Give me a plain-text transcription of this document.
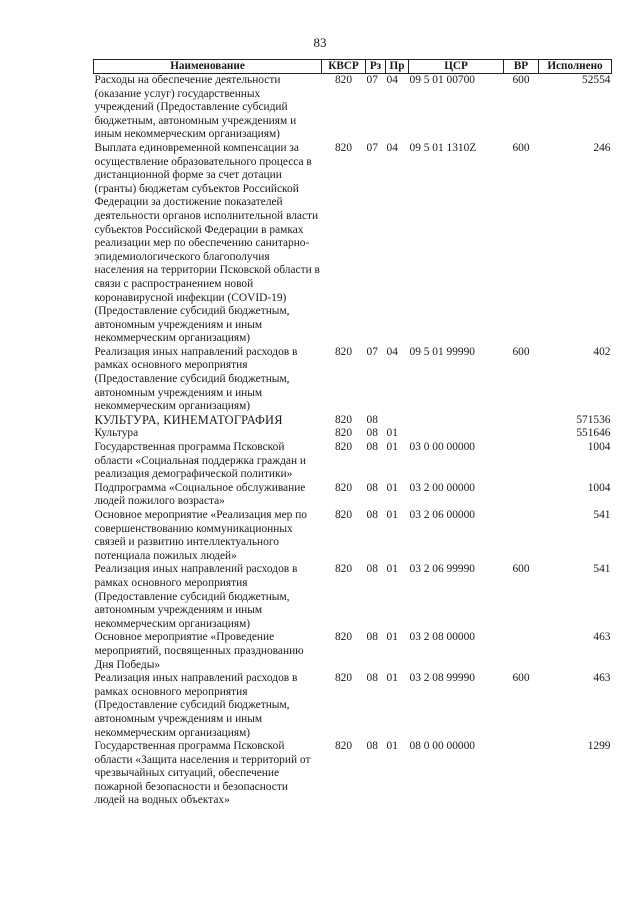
83
Наименование	КВСР	Рз	Пр	ЦСР	ВР	Исполнено
Расходы на обеспечение деятельности (оказание услуг) государственных учреждений (Предоставление субсидий бюджетным, автономным учреждениям и иным некоммерческим организациям)	820	07	04	09 5 01 00700	600	52554
Выплата единовременной компенсации за осуществление образовательного процесса в дистанционной форме за счет дотации (гранты) бюджетам субъектов Российской Федерации за достижение показателей деятельности органов исполнительной власти субъектов Российской Федерации в рамках реализации мер по обеспечению санитарно-эпидемиологического благополучия населения на территории Псковской области в связи с распространением новой коронавирусной инфекции (COVID-19) (Предоставление субсидий бюджетным, автономным учреждениям и иным некоммерческим организациям)	820	07	04	09 5 01 1310Z	600	246
Реализация иных направлений расходов в рамках основного мероприятия (Предоставление субсидий бюджетным, автономным учреждениям и иным некоммерческим организациям)	820	07	04	09 5 01 99990	600	402
КУЛЬТУРА, КИНЕМАТОГРАФИЯ	820	08				571536
Культура	820	08	01			551646
Государственная программа Псковской области «Социальная поддержка граждан и реализация демографической политики»	820	08	01	03 0 00 00000		1004
Подпрограмма «Социальное обслуживание людей пожилого возраста»	820	08	01	03 2 00 00000		1004
Основное мероприятие «Реализация мер по совершенствованию коммуникационных связей и развитию интеллектуального потенциала пожилых людей»	820	08	01	03 2 06 00000		541
Реализация иных направлений расходов в рамках основного мероприятия (Предоставление субсидий бюджетным, автономным учреждениям и иным некоммерческим организациям)	820	08	01	03 2 06 99990	600	541
Основное мероприятие «Проведение мероприятий, посвященных празднованию Дня Победы»	820	08	01	03 2 08 00000		463
Реализация иных направлений расходов в рамках основного мероприятия (Предоставление субсидий бюджетным, автономным учреждениям и иным некоммерческим организациям)	820	08	01	03 2 08 99990	600	463
Государственная программа Псковской области «Защита населения и территорий от чрезвычайных ситуаций, обеспечение пожарной безопасности и безопасности людей на водных объектах»	820	08	01	08 0 00 00000		1299
